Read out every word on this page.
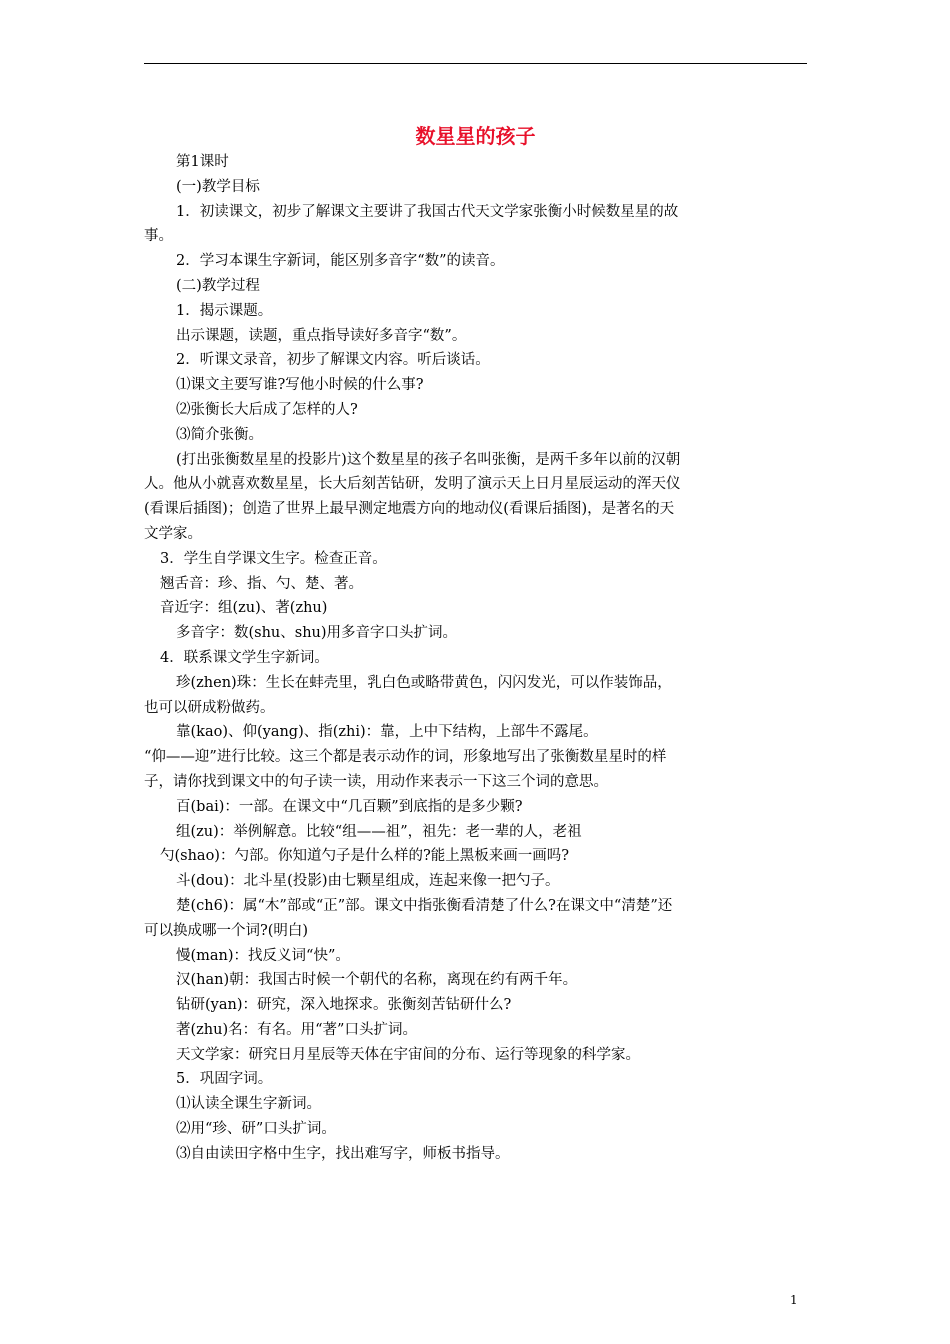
数星星的孩子

第1课时

(一)教学目标

1．初读课文，初步了解课文主要讲了我国古代天文学家张衡小时候数星星的故事。

2．学习本课生字新词，能区别多音字“数”的读音。

(二)教学过程

1．揭示课题。

出示课题，读题，重点指导读好多音字“数”。

2．听课文录音，初步了解课文内容。听后谈话。

⑴课文主要写谁?写他小时候的什么事?

⑵张衡长大后成了怎样的人?

⑶简介张衡。

(打出张衡数星星的投影片)这个数星星的孩子名叫张衡，是两千多年以前的汉朝人。他从小就喜欢数星星，长大后刻苦钻研，发明了演示天上日月星辰运动的浑天仪(看课后插图)；创造了世界上最早测定地震方向的地动仪(看课后插图)，是著名的天文学家。

3．学生自学课文生字。检查正音。

翘舌音：珍、指、勺、楚、著。

音近字：组(zu)、著(zhu)

多音字：数(shu、shu)用多音字口头扩词。

4．联系课文学生字新词。

珍(zhen)珠：生长在蚌壳里，乳白色或略带黄色，闪闪发光，可以作装饰品，也可以研成粉做药。

靠(kao)、仰(yang)、指(zhi)：靠，上中下结构，上部牛不露尾。

“仰——迎”进行比较。这三个都是表示动作的词，形象地写出了张衡数星星时的样子，请你找到课文中的句子读一读，用动作来表示一下这三个词的意思。

百(bai)：一部。在课文中“几百颗”到底指的是多少颗?

组(zu)：举例解意。比较“组——祖”，祖先：老一辈的人，老祖

勺(shao)：勺部。你知道勺子是什么样的?能上黑板来画一画吗?

斗(dou)：北斗星(投影)由七颗星组成，连起来像一把勺子。

楚(ch6)：属“木”部或“正”部。课文中指张衡看清楚了什么?在课文中“清楚”还可以换成哪一个词?(明白)

慢(man)：找反义词“快”。

汉(han)朝：我国古时候一个朝代的名称，离现在约有两千年。

钻研(yan)：研究，深入地探求。张衡刻苦钻研什么?

著(zhu)名：有名。用“著”口头扩词。

天文学家：研究日月星辰等天体在宇宙间的分布、运行等现象的科学家。

5．巩固字词。

⑴认读全课生字新词。

⑵用“珍、研”口头扩词。

⑶自由读田字格中生字，找出难写字，师板书指导。

1
